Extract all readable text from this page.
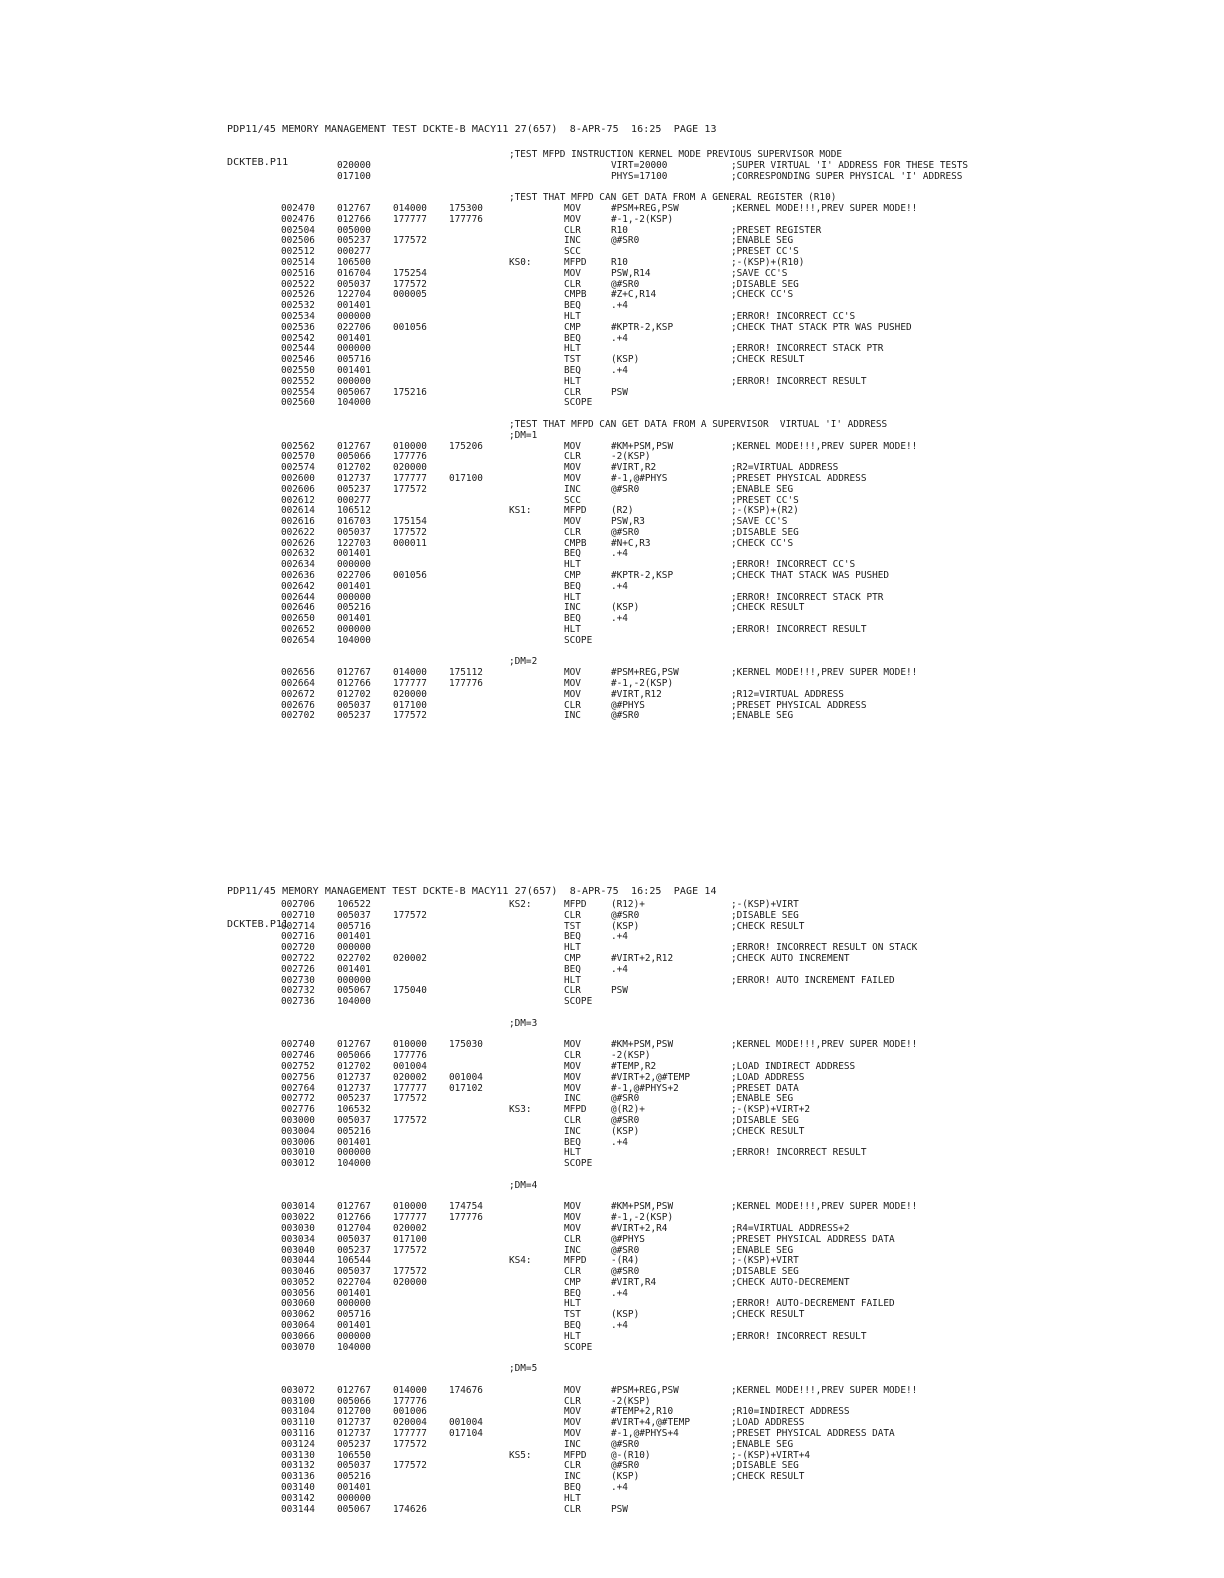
PDP11/45 MEMORY MANAGEMENT TEST DCKTE-B MACY11 27(657)  8-APR-75  16:25  PAGE 13

DCKTEB.P11

;TEST MFPD INSTRUCTION KERNEL MODE PREVIOUS SUPERVISOR MODE
020000	VIRT=20000	;SUPER VIRTUAL 'I' ADDRESS FOR THESE TESTS
017100	PHYS=17100	;CORRESPONDING SUPER PHYSICAL 'I' ADDRESS
;TEST THAT MFPD CAN GET DATA FROM A GENERAL REGISTER (R10)
002470 012767 014000 175300	MOV	#PSM+REG,PSW	;KERNEL MODE!!!,PREV SUPER MODE!!
002476 012766 177777 177776	MOV	#-1,-2(KSP)
002504 005000	CLR	R10	;PRESET REGISTER
002506 005237 177572	INC	@#SR0	;ENABLE SEG
002512 000277	SCC	;PRESET CC'S
002514 106500	KS0:	MFPD	R10	;-(KSP)+(R10)
002516 016704 175254	MOV	PSW,R14	;SAVE CC'S
002522 005037 177572	CLR	@#SR0	;DISABLE SEG
002526 122704 000005	CMPB	#Z+C,R14	;CHECK CC'S
002532 001401	BEQ	.+4
002534 000000	HLT	;ERROR! INCORRECT CC'S
002536 022706 001056	CMP	#KPTR-2,KSP	;CHECK THAT STACK PTR WAS PUSHED
002542 001401	BEQ	.+4
002544 000000	HLT	;ERROR! INCORRECT STACK PTR
002546 005716	TST	(KSP)	;CHECK RESULT
002550 001401	BEQ	.+4
002552 000000	HLT	;ERROR! INCORRECT RESULT
002554 005067 175216	CLR	PSW
002560 104000	SCOPE
;TEST THAT MFPD CAN GET DATA FROM A SUPERVISOR  VIRTUAL 'I' ADDRESS
;DM=1
002562 012767 010000 175206	MOV	#KM+PSM,PSW	;KERNEL MODE!!!,PREV SUPER MODE!!
002570 005066 177776	CLR	-2(KSP)
002574 012702 020000	MOV	#VIRT,R2	;R2=VIRTUAL ADDRESS
002600 012737 177777 017100	MOV	#-1,@#PHYS	;PRESET PHYSICAL ADDRESS
002606 005237 177572	INC	@#SR0	;ENABLE SEG
002612 000277	SCC	;PRESET CC'S
002614 106512	KS1:	MFPD	(R2)	;-(KSP)+(R2)
002616 016703 175154	MOV	PSW,R3	;SAVE CC'S
002622 005037 177572	CLR	@#SR0	;DISABLE SEG
002626 122703 000011	CMPB	#N+C,R3	;CHECK CC'S
002632 001401	BEQ	.+4
002634 000000	HLT	;ERROR! INCORRECT CC'S
002636 022706 001056	CMP	#KPTR-2,KSP	;CHECK THAT STACK WAS PUSHED
002642 001401	BEQ	.+4
002644 000000	HLT	;ERROR! INCORRECT STACK PTR
002646 005216	INC	(KSP)	;CHECK RESULT
002650 001401	BEQ	.+4
002652 000000	HLT	;ERROR! INCORRECT RESULT
002654 104000	SCOPE
;DM=2
002656 012767 014000 175112	MOV	#PSM+REG,PSW	;KERNEL MODE!!!,PREV SUPER MODE!!
002664 012766 177777 177776	MOV	#-1,-2(KSP)
002672 012702 020000	MOV	#VIRT,R12	;R12=VIRTUAL ADDRESS
002676 005037 017100	CLR	@#PHYS	;PRESET PHYSICAL ADDRESS
002702 005237 177572	INC	@#SR0	;ENABLE SEG

PDP11/45 MEMORY MANAGEMENT TEST DCKTE-B MACY11 27(657)  8-APR-75  16:25  PAGE 14

DCKTEB.P11

002706 106522	KS2:	MFPD	(R12)+	;-(KSP)+VIRT
002710 005037 177572	CLR	@#SR0	;DISABLE SEG
002714 005716	TST	(KSP)	;CHECK RESULT
002716 001401	BEQ	.+4
002720 000000	HLT	;ERROR! INCORRECT RESULT ON STACK
002722 022702 020002	CMP	#VIRT+2,R12	;CHECK AUTO INCREMENT
002726 001401	BEQ	.+4
002730 000000	HLT	;ERROR! AUTO INCREMENT FAILED
002732 005067 175040	CLR	PSW
002736 104000	SCOPE
;DM=3
002740 012767 010000 175030	MOV	#KM+PSM,PSW	;KERNEL MODE!!!,PREV SUPER MODE!!
002746 005066 177776	CLR	-2(KSP)
002752 012702 001004	MOV	#TEMP,R2	;LOAD INDIRECT ADDRESS
002756 012737 020002 001004	MOV	#VIRT+2,@#TEMP	;LOAD ADDRESS
002764 012737 177777 017102	MOV	#-1,@#PHYS+2	;PRESET DATA
002772 005237 177572	INC	@#SR0	;ENABLE SEG
002776 106532	KS3:	MFPD	@(R2)+	;-(KSP)+VIRT+2
003000 005037 177572	CLR	@#SR0	;DISABLE SEG
003004 005216	INC	(KSP)	;CHECK RESULT
003006 001401	BEQ	.+4
003010 000000	HLT	;ERROR! INCORRECT RESULT
003012 104000	SCOPE
;DM=4
003014 012767 010000 174754	MOV	#KM+PSM,PSW	;KERNEL MODE!!!,PREV SUPER MODE!!
003022 012766 177777 177776	MOV	#-1,-2(KSP)
003030 012704 020002	MOV	#VIRT+2,R4	;R4=VIRTUAL ADDRESS+2
003034 005037 017100	CLR	@#PHYS	;PRESET PHYSICAL ADDRESS DATA
003040 005237 177572	INC	@#SR0	;ENABLE SEG
003044 106544	KS4:	MFPD	-(R4)	;-(KSP)+VIRT
003046 005037 177572	CLR	@#SR0	;DISABLE SEG
003052 022704 020000	CMP	#VIRT,R4	;CHECK AUTO-DECREMENT
003056 001401	BEQ	.+4
003060 000000	HLT	;ERROR! AUTO-DECREMENT FAILED
003062 005716	TST	(KSP)	;CHECK RESULT
003064 001401	BEQ	.+4
003066 000000	HLT	;ERROR! INCORRECT RESULT
003070 104000	SCOPE
;DM=5
003072 012767 014000 174676	MOV	#PSM+REG,PSW	;KERNEL MODE!!!,PREV SUPER MODE!!
003100 005066 177776	CLR	-2(KSP)
003104 012700 001006	MOV	#TEMP+2,R10	;R10=INDIRECT ADDRESS
003110 012737 020004 001004	MOV	#VIRT+4,@#TEMP	;LOAD ADDRESS
003116 012737 177777 017104	MOV	#-1,@#PHYS+4	;PRESET PHYSICAL ADDRESS DATA
003124 005237 177572	INC	@#SR0	;ENABLE SEG
003130 106550	KS5:	MFPD	@-(R10)	;-(KSP)+VIRT+4
003132 005037 177572	CLR	@#SR0	;DISABLE SEG
003136 005216	INC	(KSP)	;CHECK RESULT
003140 001401	BEQ	.+4
003142 000000	HLT
003144 005067 174626	CLR	PSW
